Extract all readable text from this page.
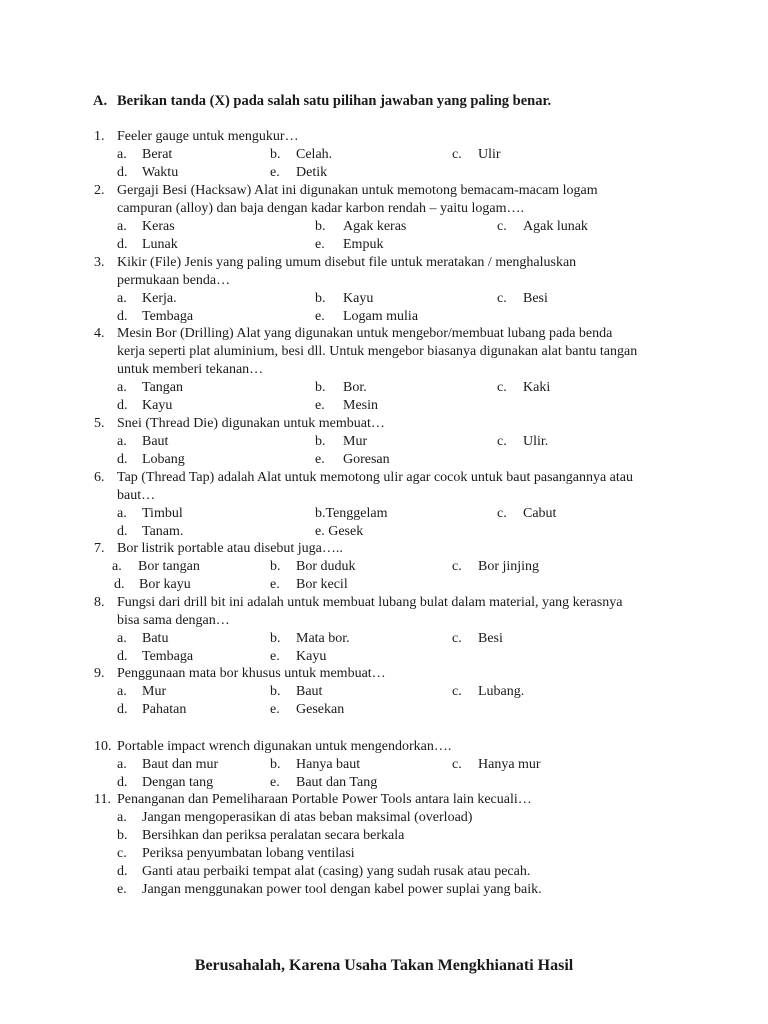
A. Berikan tanda (X) pada salah satu pilihan jawaban yang paling benar.
1. Feeler gauge untuk mengukur…
a. Berat	b. Celah.	c. Ulir
d. Waktu	e. Detik
2. Gergaji Besi (Hacksaw) Alat ini digunakan untuk memotong bemacam-macam logam
campuran (alloy) dan baja dengan kadar karbon rendah – yaitu logam….
a. Keras	b. Agak keras	c. Agak lunak
d. Lunak	e. Empuk
3. Kikir (File) Jenis yang paling umum disebut file untuk meratakan / menghaluskan
permukaan benda…
a. Kerja.	b. Kayu	c. Besi
d. Tembaga	e. Logam mulia
4. Mesin Bor (Drilling) Alat yang digunakan untuk mengebor/membuat lubang pada benda
kerja seperti plat aluminium, besi dll. Untuk mengebor biasanya digunakan alat bantu tangan
untuk memberi tekanan…
a. Tangan	b. Bor.	c. Kaki
d. Kayu	e. Mesin
5. Snei (Thread Die) digunakan untuk membuat…
a. Baut	b. Mur	c. Ulir.
d. Lobang	e. Goresan
6. Tap (Thread Tap) adalah Alat untuk memotong ulir agar cocok untuk baut pasangannya atau
baut…
a. Timbul	b.Tenggelam	c. Cabut
d. Tanam.	e. Gesek
7. Bor listrik portable atau disebut juga…..
a. Bor tangan	b. Bor duduk	c. Bor jinjing
d. Bor kayu	e. Bor kecil
8. Fungsi dari drill bit ini adalah untuk membuat lubang bulat dalam material, yang kerasnya
bisa sama dengan…
a. Batu	b. Mata bor.	c. Besi
d. Tembaga	e. Kayu
9. Penggunaan mata bor khusus untuk membuat…
a. Mur	b. Baut	c. Lubang.
d. Pahatan	e. Gesekan
10. Portable impact wrench digunakan untuk mengendorkan….
a. Baut dan mur	b. Hanya baut	c. Hanya mur
d. Dengan tang	e. Baut dan Tang
11. Penanganan dan Pemeliharaan Portable Power Tools antara lain kecuali…
a. Jangan mengoperasikan di atas beban maksimal (overload)
b. Bersihkan dan periksa peralatan secara berkala
c. Periksa penyumbatan lobang ventilasi
d. Ganti atau perbaiki tempat alat (casing) yang sudah rusak atau pecah.
e. Jangan menggunakan power tool dengan kabel power suplai yang baik.
Berusahalah, Karena Usaha Takan Mengkhianati Hasil
